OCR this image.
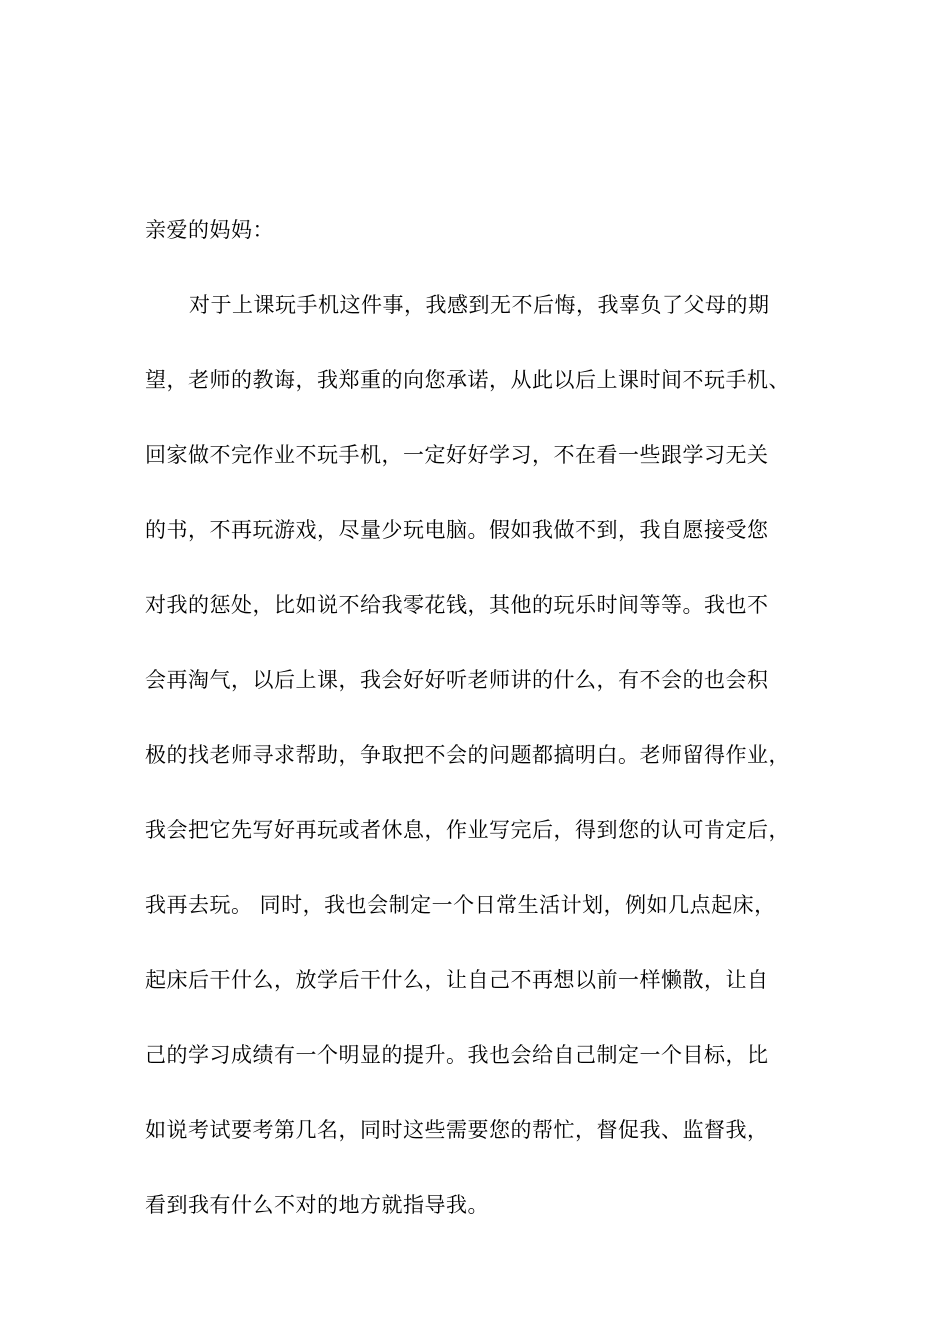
亲爱的妈妈：
对于上课玩手机这件事，我感到无不后悔，我辜负了父母的期
望，老师的教诲，我郑重的向您承诺，从此以后上课时间不玩手机、
回家做不完作业不玩手机，一定好好学习，不在看一些跟学习无关
的书，不再玩游戏，尽量少玩电脑。假如我做不到，我自愿接受您
对我的惩处，比如说不给我零花钱，其他的玩乐时间等等。我也不
会再淘气，以后上课，我会好好听老师讲的什么，有不会的也会积
极的找老师寻求帮助，争取把不会的问题都搞明白。老师留得作业，
我会把它先写好再玩或者休息，作业写完后，得到您的认可肯定后，
我再去玩。 同时，我也会制定一个日常生活计划，例如几点起床，
起床后干什么，放学后干什么，让自己不再想以前一样懒散，让自
己的学习成绩有一个明显的提升。我也会给自己制定一个目标，比
如说考试要考第几名，同时这些需要您的帮忙，督促我、监督我，
看到我有什么不对的地方就指导我。
